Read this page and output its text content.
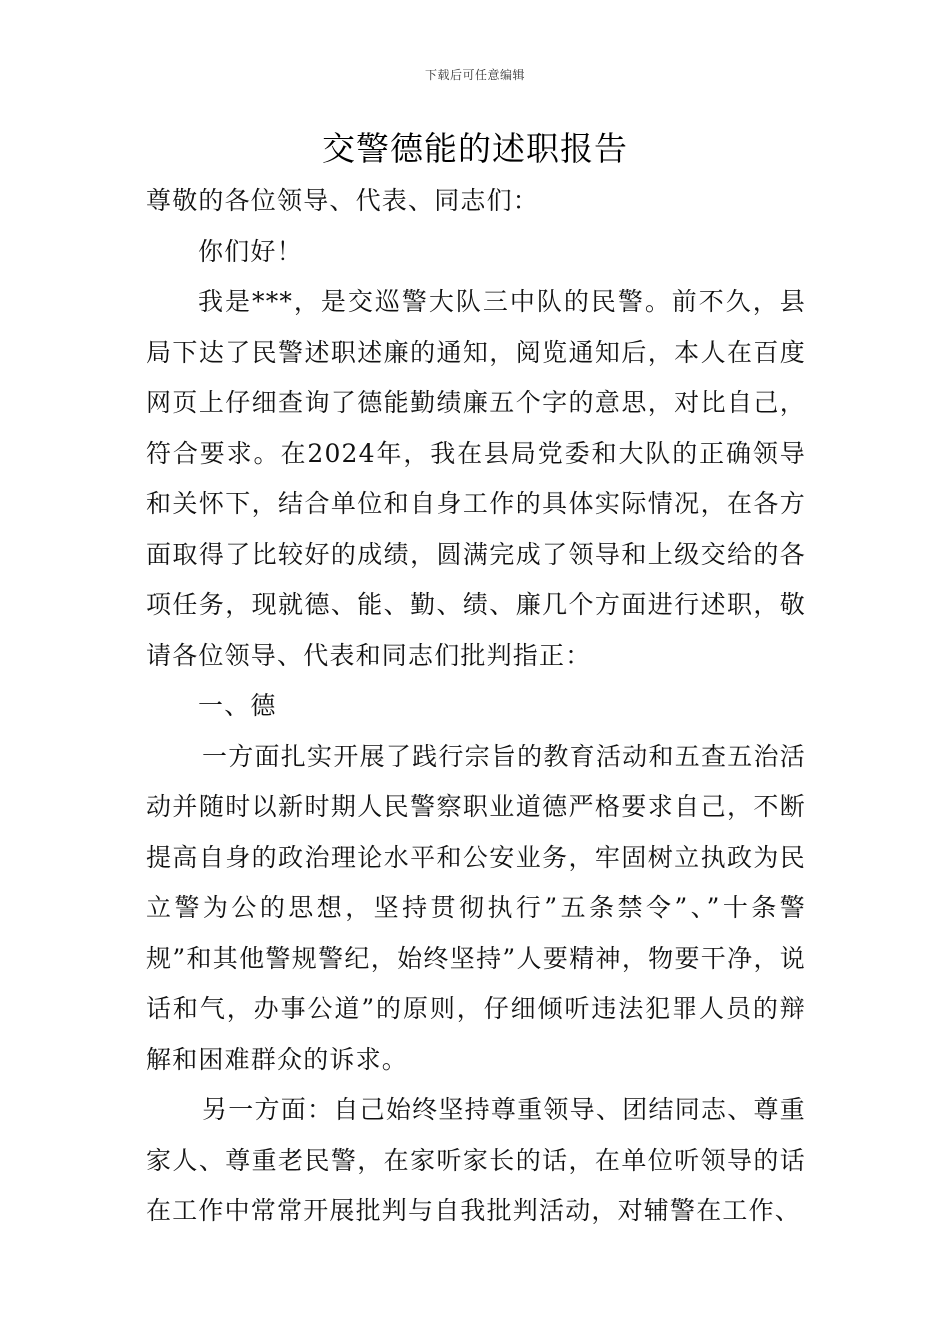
下载后可任意编辑
交警德能的述职报告

尊敬的各位领导、代表、同志们：

你们好！

我是***，是交巡警大队三中队的民警。前不久，县局下达了民警述职述廉的通知，阅览通知后，本人在百度网页上仔细查询了德能勤绩廉五个字的意思，对比自己，符合要求。在2024年，我在县局党委和大队的正确领导和关怀下，结合单位和自身工作的具体实际情况，在各方面取得了比较好的成绩，圆满完成了领导和上级交给的各项任务，现就德、能、勤、绩、廉几个方面进行述职，敬请各位领导、代表和同志们批判指正：

一、德

一方面扎实开展了践行宗旨的教育活动和五查五治活动并随时以新时期人民警察职业道德严格要求自己，不断提高自身的政治理论水平和公安业务，牢固树立执政为民立警为公的思想，坚持贯彻执行”五条禁令”、”十条警规”和其他警规警纪，始终坚持”人要精神，物要干净，说话和气，办事公道”的原则，仔细倾听违法犯罪人员的辩解和困难群众的诉求。

另一方面：自己始终坚持尊重领导、团结同志、尊重家人、尊重老民警，在家听家长的话，在单位听领导的话在工作中常常开展批判与自我批判活动，对辅警在工作、
